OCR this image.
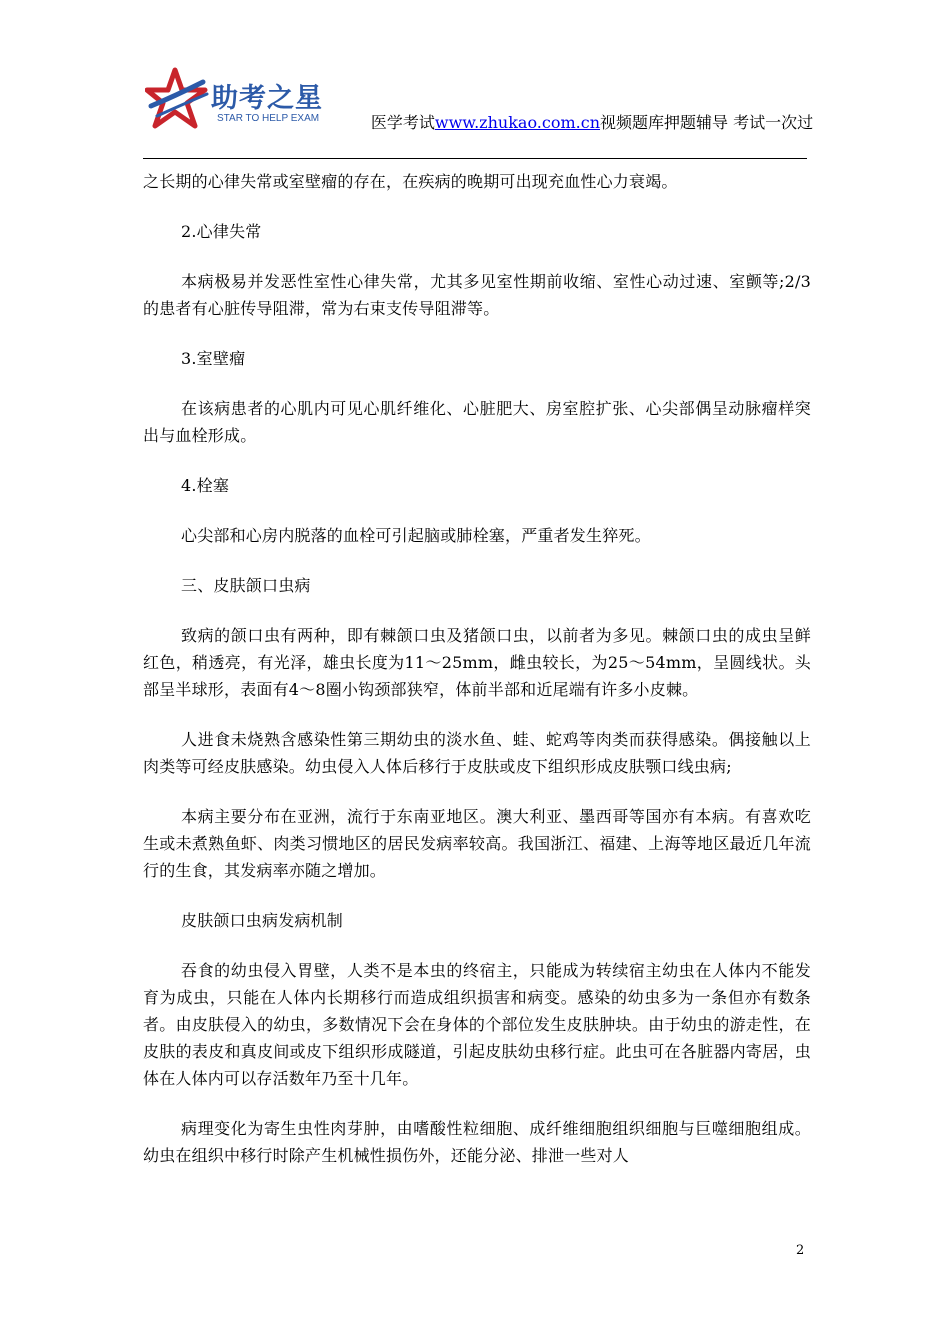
助考之星
STAR TO HELP EXAM	医学考试www.zhukao.com.cn视频题库押题辅导 考试一次过

之长期的心律失常或室壁瘤的存在，在疾病的晚期可出现充血性心力衰竭。

2.心律失常

本病极易并发恶性室性心律失常，尤其多见室性期前收缩、室性心动过速、室颤等;2/3的患者有心脏传导阻滞，常为右束支传导阻滞等。

3.室壁瘤

在该病患者的心肌内可见心肌纤维化、心脏肥大、房室腔扩张、心尖部偶呈动脉瘤样突出与血栓形成。

4.栓塞

心尖部和心房内脱落的血栓可引起脑或肺栓塞，严重者发生猝死。

三、皮肤颌口虫病

致病的颌口虫有两种，即有棘颌口虫及猪颌口虫，以前者为多见。棘颌口虫的成虫呈鲜红色，稍透亮，有光泽，雄虫长度为11～25mm，雌虫较长，为25～54mm，呈圆线状。头部呈半球形，表面有4～8圈小钩颈部狭窄，体前半部和近尾端有许多小皮棘。

人进食未烧熟含感染性第三期幼虫的淡水鱼、蛙、蛇鸡等肉类而获得感染。偶接触以上肉类等可经皮肤感染。幼虫侵入人体后移行于皮肤或皮下组织形成皮肤颚口线虫病;

本病主要分布在亚洲，流行于东南亚地区。澳大利亚、墨西哥等国亦有本病。有喜欢吃生或未煮熟鱼虾、肉类习惯地区的居民发病率较高。我国浙江、福建、上海等地区最近几年流行的生食，其发病率亦随之增加。

皮肤颌口虫病发病机制

吞食的幼虫侵入胃壁，人类不是本虫的终宿主，只能成为转续宿主幼虫在人体内不能发育为成虫，只能在人体内长期移行而造成组织损害和病变。感染的幼虫多为一条但亦有数条者。由皮肤侵入的幼虫，多数情况下会在身体的个部位发生皮肤肿块。由于幼虫的游走性，在皮肤的表皮和真皮间或皮下组织形成隧道，引起皮肤幼虫移行症。此虫可在各脏器内寄居，虫体在人体内可以存活数年乃至十几年。

病理变化为寄生虫性肉芽肿，由嗜酸性粒细胞、成纤维细胞组织细胞与巨噬细胞组成。幼虫在组织中移行时除产生机械性损伤外，还能分泌、排泄一些对人

2
